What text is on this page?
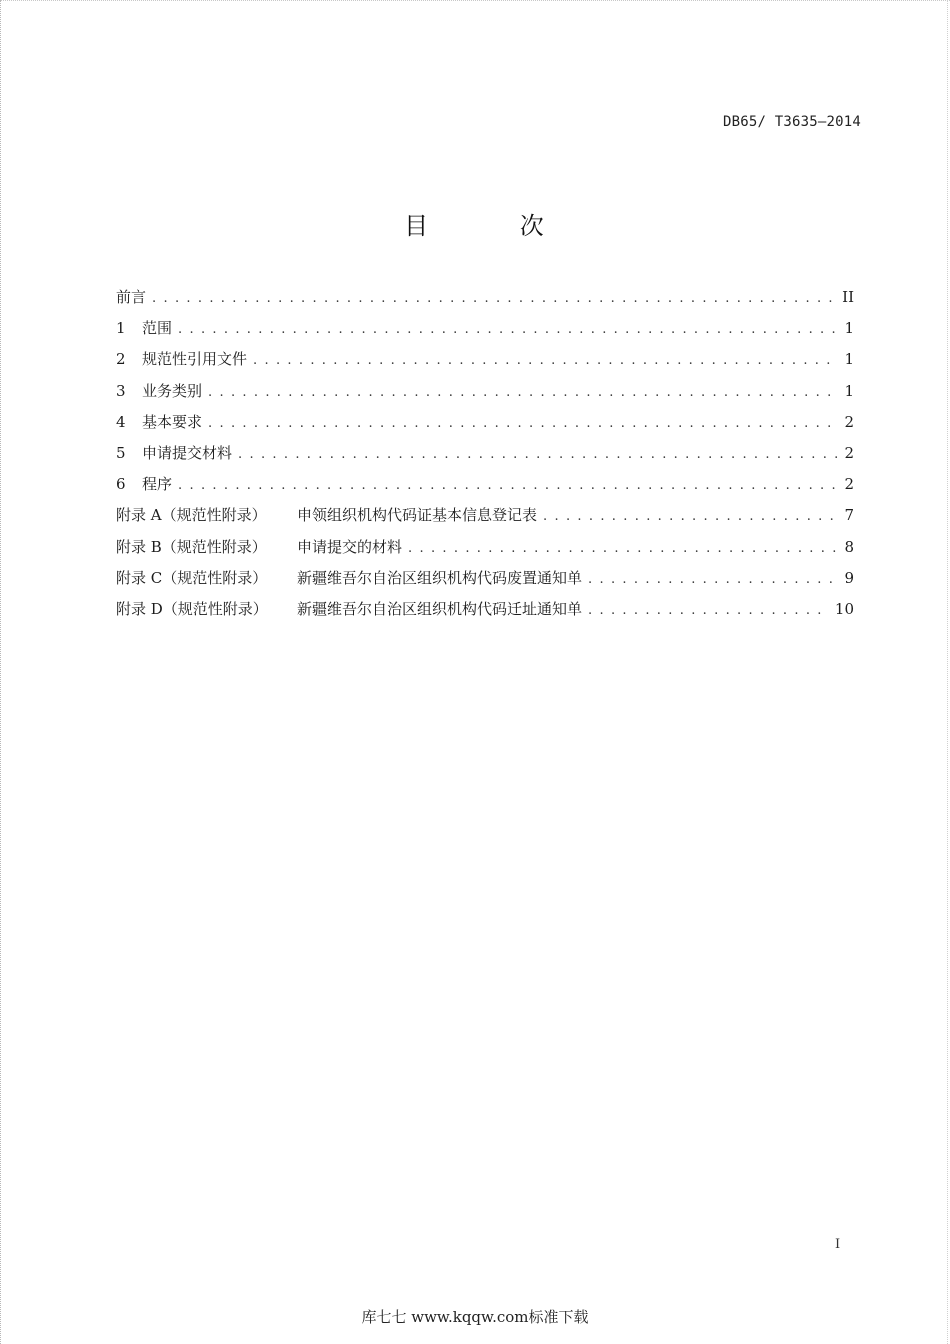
DB65/ T3635—2014
目 次
前言 . . .	II
1	范围 . . .	1
2	规范性引用文件 . . .	1
3	业务类别 . . .	1
4	基本要求 . . .	2
5	申请提交材料 . . .	2
6	程序 . . .	2
附录 A（规范性附录）	申领组织机构代码证基本信息登记表 . . .	7
附录 B（规范性附录）	申请提交的材料 . . .	8
附录 C（规范性附录）	新疆维吾尔自治区组织机构代码废置通知单 . . .	9
附录 D（规范性附录）	新疆维吾尔自治区组织机构代码迁址通知单 . . .	10
I
库七七 www.kqqw.com标准下载
